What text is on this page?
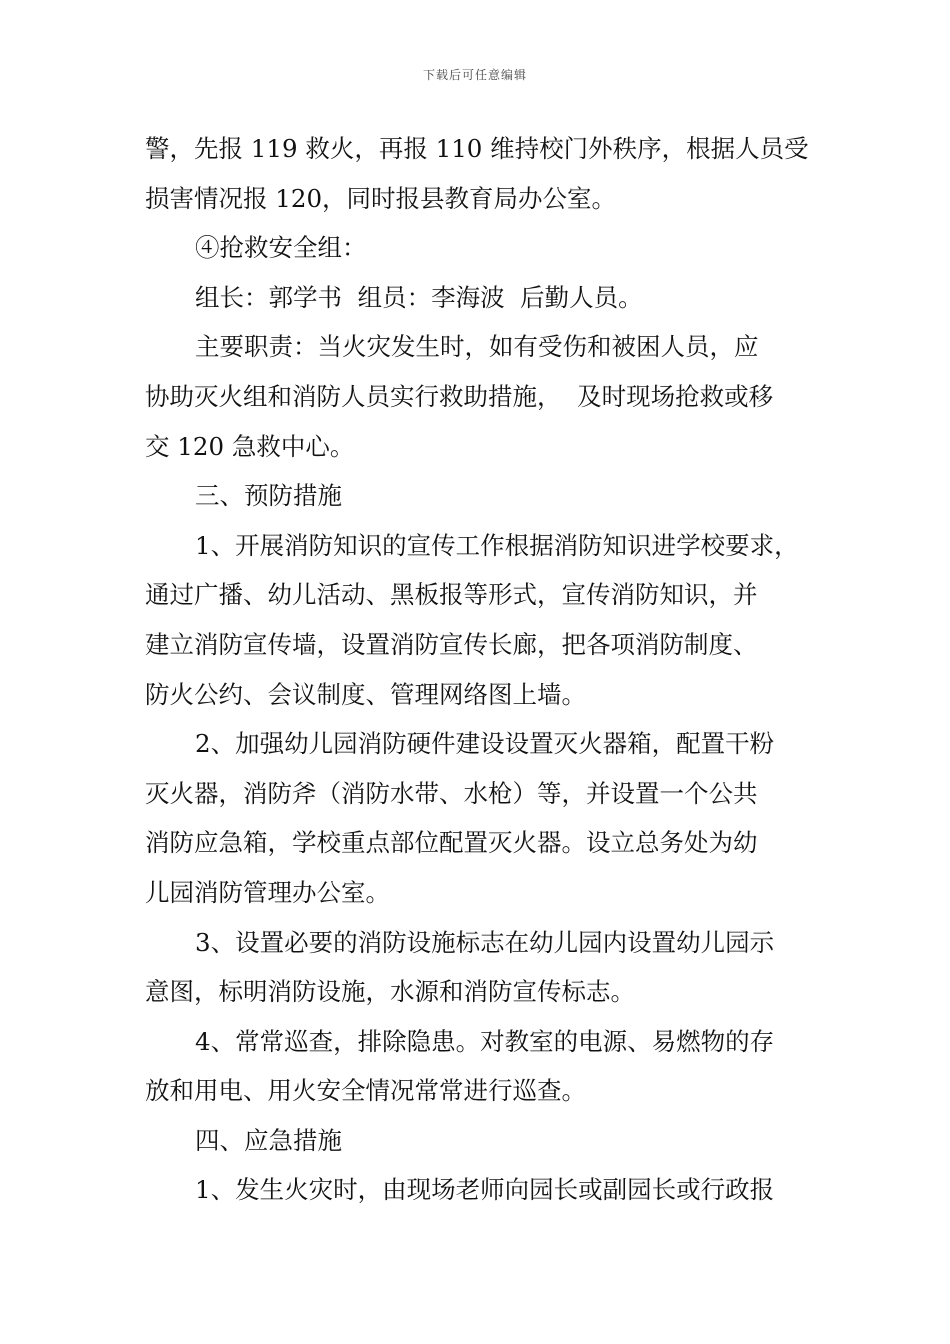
下载后可任意编辑
警，先报 119 救火，再报 110 维持校门外秩序，根据人员受
损害情况报 120，同时报县教育局办公室。
④抢救安全组：
组长：郭学书  组员：李海波  后勤人员。
主要职责：当火灾发生时，如有受伤和被困人员，应
协助灭火组和消防人员实行救助措施，  及时现场抢救或移
交 120 急救中心。
三、预防措施
1、开展消防知识的宣传工作根据消防知识进学校要求，
通过广播、幼儿活动、黑板报等形式，宣传消防知识，并
建立消防宣传墙，设置消防宣传长廊，把各项消防制度、
防火公约、会议制度、管理网络图上墙。
2、加强幼儿园消防硬件建设设置灭火器箱，配置干粉
灭火器，消防斧（消防水带、水枪）等，并设置一个公共
消防应急箱，学校重点部位配置灭火器。设立总务处为幼
儿园消防管理办公室。
3、设置必要的消防设施标志在幼儿园内设置幼儿园示
意图，标明消防设施，水源和消防宣传标志。
4、常常巡查，排除隐患。对教室的电源、易燃物的存
放和用电、用火安全情况常常进行巡查。
四、应急措施
1、发生火灾时，由现场老师向园长或副园长或行政报
